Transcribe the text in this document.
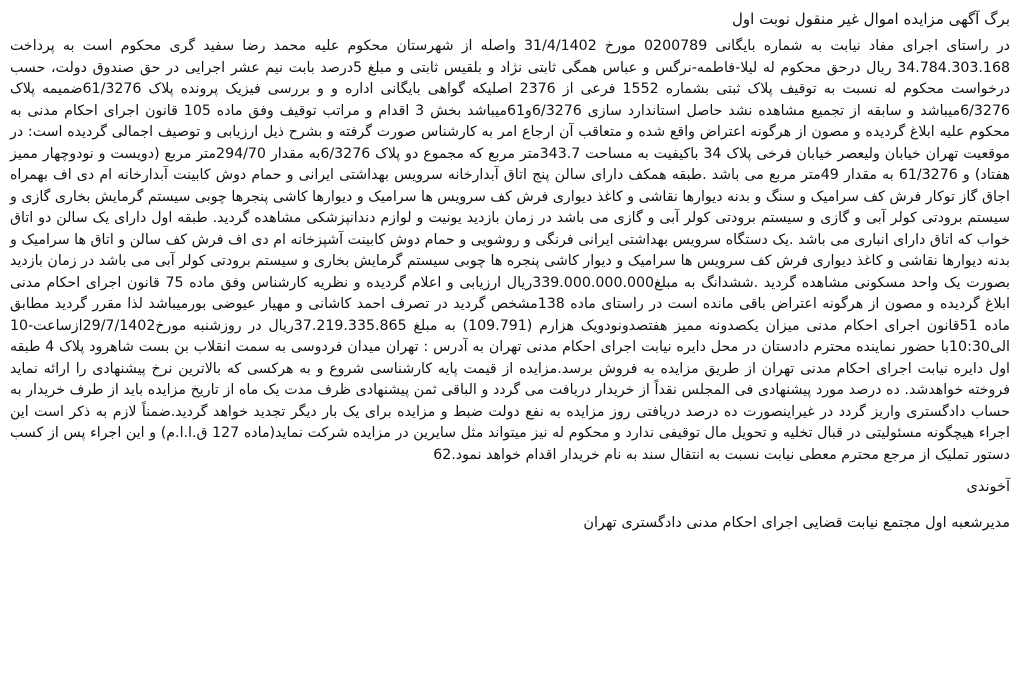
برگ آگهی مزایده اموال غیر منقول نوبت اول

در راستای اجرای مفاد نیابت به شماره بایگانی 0200789 مورخ 31/4/1402 واصله از شهرستان محکوم علیه محمد رضا سفید گری محکوم است به پرداخت 34.784.303.168 ریال درحق محکوم له لیلا-فاطمه-نرگس و عباس همگی ثابتی نژاد و بلقیس ثابتی و مبلغ 5درصد بابت نیم عشر اجرایی در حق صندوق دولت، حسب درخواست محکوم له نسبت به توقیف پلاک ثبتی بشماره 1552 فرعی از 2376 اصلیکه گواهی بایگانی اداره و و بررسی فیزیک پرونده پلاک 61/3276ضمیمه پلاک 6/3276میباشد و سابقه از تجمیع مشاهده نشد حاصل استاندارد سازی 6/3276و61میباشد بخش 3 اقدام و مراتب توقیف وفق ماده 105 قانون اجرای احکام مدنی به محکوم علیه ابلاغ گردیده و مصون از هرگونه اعتراض واقع شده و متعاقب آن ارجاع امر به کارشناس صورت گرفته و بشرح ذیل ارزیابی و توصیف اجمالی گردیده است: در موقعیت تهران خیابان ولیعصر خیابان فرخی پلاک 34 باکیفیت به مساحت 343.7متر مربع که مجموع دو پلاک 6/3276به مقدار 294/70متر مربع (دویست و نودوچهار ممیز هفتاد) و 61/3276 به مقدار 49متر مربع می باشد .طبقه همکف دارای سالن پنج اتاق آبدارخانه سرویس بهداشتی ایرانی و حمام دوش کابینت آبدارخانه ام دی اف بهمراه اجاق گاز توکار فرش کف سرامیک و سنگ و بدنه دیوارها نقاشی و کاغذ دیواری فرش کف سرویس ها سرامیک و دیوارها کاشی پنجرها چوبی سیستم گرمایش بخاری گازی و سیستم برودتی کولر آبی و گازی و سیستم برودتی کولر آبی و گازی می باشد در زمان بازدید یونیت و لوازم دندانپزشکی مشاهده گردید. طبقه اول دارای یک سالن دو اتاق خواب که اتاق دارای انباری می باشد .یک دستگاه سرویس بهداشتی ایرانی فرنگی و روشویی و حمام دوش کابینت آشپزخانه ام دی اف فرش کف سالن و اتاق ها سرامیک و بدنه دیوارها نقاشی و کاغذ دیواری فرش کف سرویس ها سرامیک و دیوار کاشی پنجره ها چوبی سیستم گرمایش بخاری و سیستم برودتی کولر آبی می باشد در زمان بازدید بصورت یک واحد مسکونی مشاهده گردید .ششدانگ به مبلغ339.000.000.000ریال ارزیابی و اعلام گردیده و نظریه کارشناس وفق ماده 75 قانون اجرای احکام مدنی ابلاغ گردیده و مصون از هرگونه اعتراض باقی مانده است در راستای ماده 138مشخص گردید در تصرف احمد کاشانی و مهیار عیوضی بورمیباشد لذا مقرر گردید مطابق ماده 51قانون اجرای احکام مدنی میزان یکصدونه ممیز هفتصدونودویک هزارم (109.791) به مبلغ 37.219.335.865ریال در روزشنبه مورخ29/7/1402ازساعت-10 الی10:30با حضور نماینده محترم دادستان در محل دایره نیابت اجرای احکام مدنی تهران به آدرس : تهران میدان فردوسی به سمت انقلاب بن بست شاهرود پلاک 4 طبقه اول دایره نیابت اجرای احکام مدنی تهران از طریق مزایده به فروش برسد.مزایده از قیمت پایه کارشناسی شروع و به هرکسی که بالاترین نرخ پیشنهادی را ارائه نماید فروخته خواهدشد. ده درصد مورد پیشنهادی فی المجلس نقداً از خریدار دریافت می گردد و الباقی ثمن پیشنهادی ظرف مدت یک ماه از تاریخ مزایده باید از طرف خریدار به حساب دادگستری واریز گردد در غیراینصورت ده درصد دریافتی روز مزایده به نفع دولت ضبط و مزایده برای یک بار دیگر تجدید خواهد گردید.ضمناً لازم به ذکر است این اجراء هیچگونه مسئولیتی در قبال تخلیه و تحویل مال توقیفی ندارد و محکوم له نیز میتواند مثل سایرین در مزایده شرکت نماید(ماده 127 ق.ا.ا.م) و این اجراء پس از کسب دستور تملیک از مرجع محترم معطی نیابت نسبت به انتقال سند به نام خریدار اقدام خواهد نمود.62

آخوندی
مدیرشعبه اول مجتمع نیابت قضایی اجرای احکام مدنی دادگستری تهران
